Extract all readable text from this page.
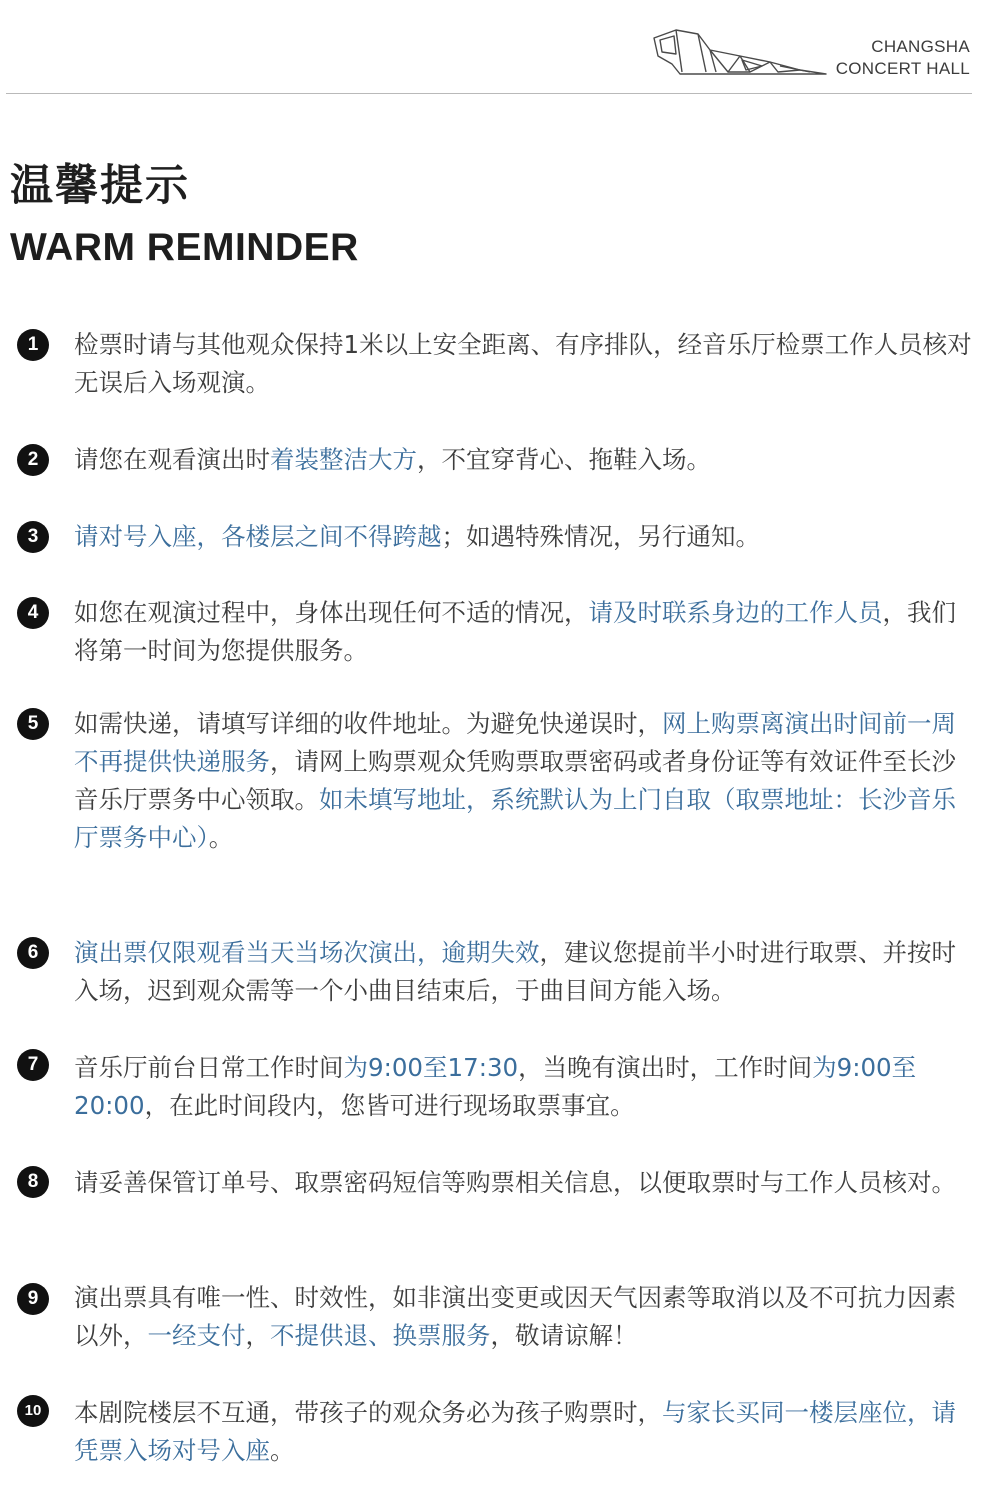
CHANGSHA
CONCERT HALL
温馨提示
WARM REMINDER
1	检票时请与其他观众保持1米以上安全距离、有序排队，经音乐厅检票工作人员核对无误后入场观演。
2	请您在观看演出时着装整洁大方，不宜穿背心、拖鞋入场。
3	请对号入座，各楼层之间不得跨越；如遇特殊情况，另行通知。
4	如您在观演过程中，身体出现任何不适的情况，请及时联系身边的工作人员，我们将第一时间为您提供服务。
5	如需快递，请填写详细的收件地址。为避免快递误时，网上购票离演出时间前一周不再提供快递服务，请网上购票观众凭购票取票密码或者身份证等有效证件至长沙音乐厅票务中心领取。如未填写地址，系统默认为上门自取（取票地址：长沙音乐厅票务中心）。
6	演出票仅限观看当天当场次演出，逾期失效，建议您提前半小时进行取票、并按时入场，迟到观众需等一个小曲目结束后，于曲目间方能入场。
7	音乐厅前台日常工作时间为9:00至17:30，当晚有演出时，工作时间为9:00至20:00，在此时间段内，您皆可进行现场取票事宜。
8	请妥善保管订单号、取票密码短信等购票相关信息，以便取票时与工作人员核对。
9	演出票具有唯一性、时效性，如非演出变更或因天气因素等取消以及不可抗力因素以外，一经支付，不提供退、换票服务，敬请谅解！
10	本剧院楼层不互通，带孩子的观众务必为孩子购票时，与家长买同一楼层座位，请凭票入场对号入座。
